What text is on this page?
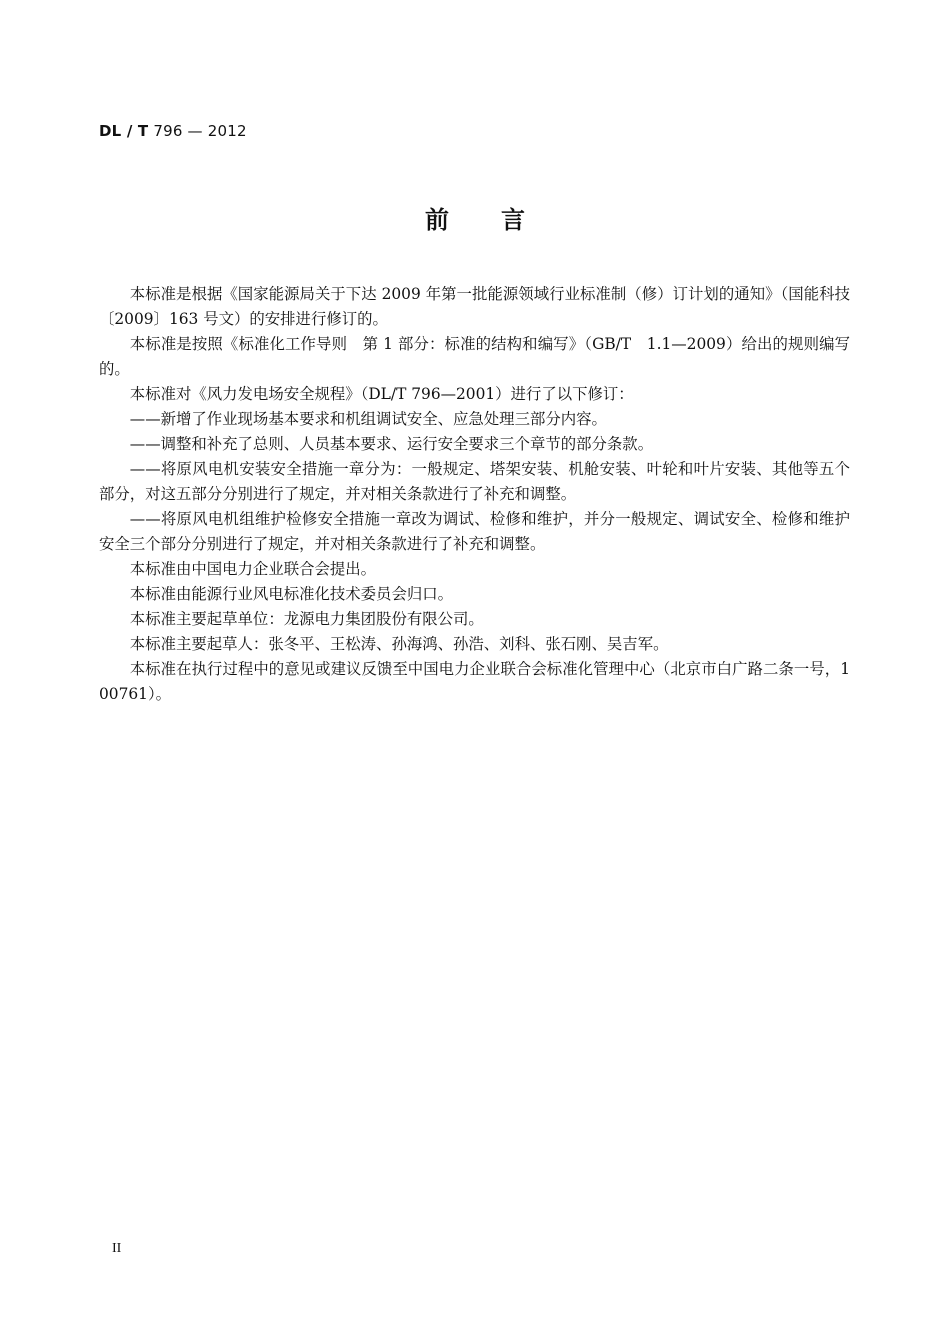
DL / T 796 — 2012
前言

本标准是根据《国家能源局关于下达 2009 年第一批能源领域行业标准制（修）订计划的通知》（国能科技〔2009〕163 号文）的安排进行修订的。

本标准是按照《标准化工作导则　第 1 部分：标准的结构和编写》（GB/T　1.1—2009）给出的规则编写的。

本标准对《风力发电场安全规程》（DL/T 796—2001）进行了以下修订：

——新增了作业现场基本要求和机组调试安全、应急处理三部分内容。

——调整和补充了总则、人员基本要求、运行安全要求三个章节的部分条款。

——将原风电机安装安全措施一章分为：一般规定、塔架安装、机舱安装、叶轮和叶片安装、其他等五个部分，对这五部分分别进行了规定，并对相关条款进行了补充和调整。

——将原风电机组维护检修安全措施一章改为调试、检修和维护，并分一般规定、调试安全、检修和维护安全三个部分分别进行了规定，并对相关条款进行了补充和调整。

本标准由中国电力企业联合会提出。

本标准由能源行业风电标准化技术委员会归口。

本标准主要起草单位：龙源电力集团股份有限公司。

本标准主要起草人：张冬平、王松涛、孙海鸿、孙浩、刘科、张石刚、吴吉军。

本标准在执行过程中的意见或建议反馈至中国电力企业联合会标准化管理中心（北京市白广路二条一号，100761）。

II
